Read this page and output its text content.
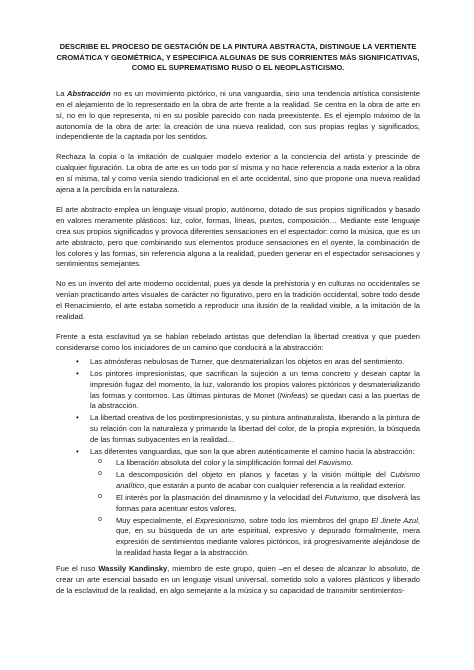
DESCRIBE EL PROCESO DE GESTACIÓN DE LA PINTURA ABSTRACTA, DISTINGUE LA VERTIENTE CROMÁTICA Y GEOMÉTRICA, Y ESPECIFICA ALGUNAS DE SUS CORRIENTES MÁS SIGNIFICATIVAS, COMO EL SUPREMATISMO RUSO O EL NEOPLASTICISMO.

La Abstracción no es un movimiento pictórico, ni una vanguardia, sino una tendencia artística consistente en el alejamiento de lo representado en la obra de arte frente a la realidad. Se centra en la obra de arte en sí, no en lo que representa, ni en su posible parecido con nada preexistente. Es el ejemplo máximo de la autonomía de la obra de arte: la creación de una nueva realidad, con sus propias reglas y significados, independiente de la captada por los sentidos.

Rechaza la copia o la imitación de cualquier modelo exterior a la conciencia del artista y prescinde de cualquier figuración. La obra de arte es un todo por sí misma y no hace referencia a nada exterior a la obra en sí misma, tal y como venía siendo tradicional en el arte occidental, sino que propone una nueva realidad ajena a la percibida en la naturaleza.

El arte abstracto emplea un lenguaje visual propio, autónomo, dotado de sus propios significados y basado en valores meramente plásticos: luz, color, formas, líneas, puntos, composición… Mediante este lenguaje crea sus propios significados y provoca diferentes sensaciones en el espectador: como la música, que es un arte abstracto, pero que combinando sus elementos produce sensaciones en el oyente, la combinación de los colores y las formas, sin referencia alguna a la realidad, pueden generar en el espectador sensaciones y sentimientos semejantes.

No es un invento del arte moderno occidental, pues ya desde la prehistoria y en culturas no occidentales se venían practicando artes visuales de carácter no figurativo, pero en la tradición occidental, sobre todo desde el Renacimiento, el arte estaba sometido a reproducir una ilusión de la realidad visible, a la imitación de la realidad.

Frente a esta esclavitud ya se habían rebelado artistas que defendían la libertad creativa y que pueden considerarse como los iniciadores de un camino que conducirá a la abstracción:

• Las atmósferas nebulosas de Turner, que desmaterializan los objetos en aras del sentimiento.
• Los pintores impresionistas, que sacrifican la sujeción a un tema concreto y desean captar la impresión fugaz del momento, la luz, valorando los propios valores pictóricos y desmaterializando las formas y contornos. Las últimas pinturas de Monet (Ninfeas) se quedan casi a las puertas de la abstracción.
• La libertad creativa de los postimpresionistas, y su pintura antinaturalista, liberando a la pintura de su relación con la naturaleza y primando la libertad del color, de la propia expresión, la búsqueda de las formas subyacentes en la realidad…
• Las diferentes vanguardias, que son la que abren auténticamente el camino hacia la abstracción:
o La liberación absoluta del color y la simplificación formal del Fauvismo.
o La descomposición del objeto en planos y facetas y la visión múltiple del Cubismo analítico, que estarán a punto de acabar con cualquier referencia a la realidad exterior.
o El interés por la plasmación del dinamismo y la velocidad del Futurismo, que disolverá las formas para acentuar estos valores.
o Muy especialmente, el Expresionismo, sobre todo los miembros del grupo El Jinete Azul, que, en su búsqueda de un arte espiritual, expresivo y depurado formalmente, mera expresión de sentimientos mediante valores pictóricos, irá progresivamente alejándose de la realidad hasta llegar a la abstracción.

Fue el ruso Wassily Kandinsky, miembro de este grupo, quien –en el deseo de alcanzar lo absoluto, de crear un arte esencial basado en un lenguaje visual universal, sometido solo a valores plásticos y liberado de la esclavitud de la realidad, en algo semejante a la música y su capacidad de transmitir sentimientos-
